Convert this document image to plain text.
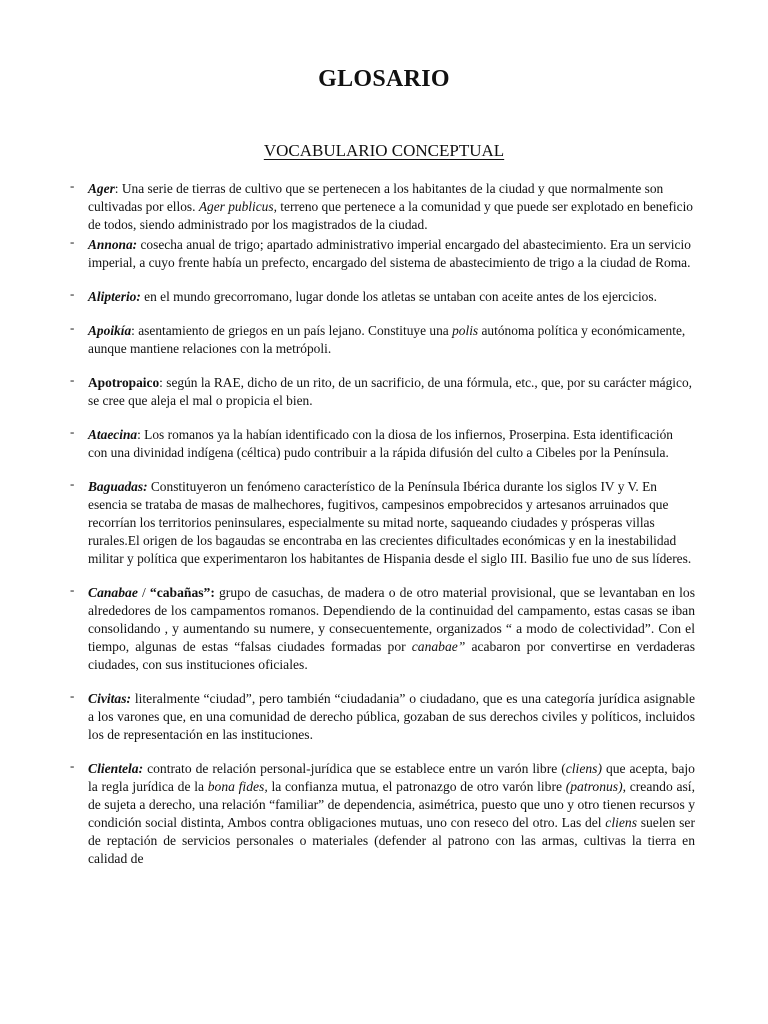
GLOSARIO
VOCABULARIO CONCEPTUAL
- Ager: Una serie de tierras de cultivo que se pertenecen a los habitantes de la ciudad y que normalmente son cultivadas por ellos. Ager publicus, terreno que pertenece a la comunidad y que puede ser explotado en beneficio de todos, siendo administrado por los magistrados de la ciudad.
- Annona: cosecha anual de trigo; apartado administrativo imperial encargado del abastecimiento. Era un servicio imperial, a cuyo frente había un prefecto, encargado del sistema de abastecimiento de trigo a la ciudad de Roma.
- Alipterio: en el mundo grecorromano, lugar donde los atletas se untaban con aceite antes de los ejercicios.
- Apoikía: asentamiento de griegos en un país lejano. Constituye una polis autónoma política y económicamente, aunque mantiene relaciones con la metrópoli.
- Apotropaico: según la RAE, dicho de un rito, de un sacrificio, de una fórmula, etc., que, por su carácter mágico, se cree que aleja el mal o propicia el bien.
- Ataecina: Los romanos ya la habían identificado con la diosa de los infiernos, Proserpina. Esta identificación con una divinidad indígena (céltica) pudo contribuir a la rápida difusión del culto a Cibeles por la Península.
- Baguadas: Constituyeron un fenómeno característico de la Península Ibérica durante los siglos IV y V. En esencia se trataba de masas de malhechores, fugitivos, campesinos empobrecidos y artesanos arruinados que recorrían los territorios peninsulares, especialmente su mitad norte, saqueando ciudades y prósperas villas rurales.El origen de los bagaudas se encontraba en las crecientes dificultades económicas y en la inestabilidad militar y política que experimentaron los habitantes de Hispania desde el siglo III. Basilio fue uno de sus líderes.
- Canabae / “cabañas”: grupo de casuchas, de madera o de otro material provisional, que se levantaban en los alrededores de los campamentos romanos. Dependiendo de la continuidad del campamento, estas casas se iban consolidando , y aumentando su numere, y consecuentemente, organizados “ a modo de colectividad”. Con el tiempo, algunas de estas “falsas ciudades formadas por canabae” acabaron por convertirse en verdaderas ciudades, con sus instituciones oficiales.
- Civitas: literalmente “ciudad”, pero también “ciudadania” o ciudadano, que es una categoría jurídica asignable a los varones que, en una comunidad de derecho pública, gozaban de sus derechos civiles y políticos, incluidos los de representación en las instituciones.
- Clientela: contrato de relación personal-jurídica que se establece entre un varón libre (cliens) que acepta, bajo la regla jurídica de la bona fides, la confianza mutua, el patronazgo de otro varón libre (patronus), creando así, de sujeta a derecho, una relación “familiar” de dependencia, asimétrica, puesto que uno y otro tienen recursos y condición social distinta, Ambos contra obligaciones mutuas, uno con reseco del otro. Las del cliens suelen ser de reptación de servicios personales o materiales (defender al patrono con las armas, cultivas la tierra en calidad de
